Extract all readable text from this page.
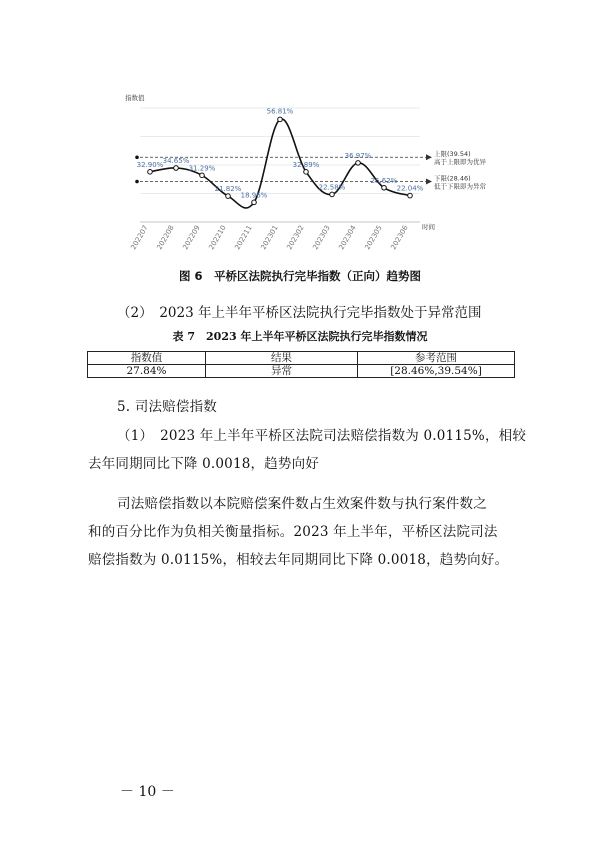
指数值
上限(39.54)
高于上限即为优异
下限(28.46)
低于下限即为异常
32.90%
202207
34.65%
202208
31.29%
202209
21.82%
202210
18.96%
202211
56.81%
202301
32.89%
202302
22.58%
202303
36.97%
202304
25.62%
202305
22.04%
202306 时间
图 6　平桥区法院执行完毕指数（正向）趋势图
（2）　2023 年上半年平桥区法院执行完毕指数处于异常范围
表 7　2023 年上半年平桥区法院执行完毕指数情况
指数值	结果	参考范围
27.84%	异常	[28.46%,39.54%]
5. 司法赔偿指数
（1）　2023 年上半年平桥区法院司法赔偿指数为 0.0115%，相较
去年同期同比下降 0.0018，趋势向好
司法赔偿指数以本院赔偿案件数占生效案件数与执行案件数之
和的百分比作为负相关衡量指标。2023 年上半年，平桥区法院司法
赔偿指数为 0.0115%，相较去年同期同比下降 0.0018，趋势向好。
－ 10 －
